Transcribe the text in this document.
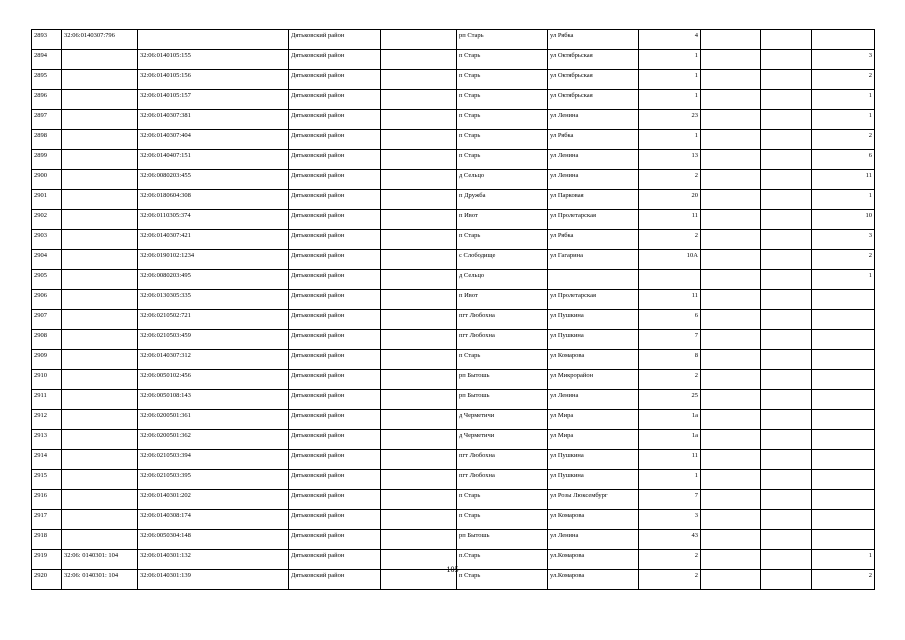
2893	32:06:0140307:796		Дятьковский район		рп Старь	ул Рябка	4			
2894		32:06:0140105:155	Дятьковский район		п Старь	ул Октябрьская	1			3
2895		32:06:0140105:156	Дятьковский район		п Старь	ул Октябрьская	1			2
2896		32:06:0140105:157	Дятьковский район		п Старь	ул Октябрьская	1			1
2897		32:06:0140307:381	Дятьковский район		п Старь	ул Ленина	23			1
2898		32:06:0140307:404	Дятьковский район		п Старь	ул Рябка	1			2
2899		32:06:0140407:151	Дятьковский район		п Старь	ул Ленина	13			6
2900		32:06:0080203:455	Дятьковский район		д Сельцо	ул Ленина	2			11
2901		32:06:0180604:308	Дятьковский район		п Дружба	ул Парковая	20			1
2902		32:06:0110305:374	Дятьковский район		п Ивот	ул Пролетарская	11			10
2903		32:06:0140307:421	Дятьковский район		п Старь	ул Рябка	2			3
2904		32:06:0190102:1234	Дятьковский район		с Слободище	ул Гагарина	10А			2
2905		32:06:0080203:495	Дятьковский район		д Сельцо					1
2906		32:06:0130305:335	Дятьковский район		п Ивот	ул Пролетарская	11			
2907		32:06:0210502:721	Дятьковский район		пгт Любохна	ул Пушкина	6			
2908		32:06:0210503:459	Дятьковский район		пгт Любохна	ул Пушкина	7			
2909		32:06:0140307:312	Дятьковский район		п Старь	ул Комарова	8			
2910		32:06:0050102:456	Дятьковский район		рп Бытошь	ул Микрорайон	2			
2911		32:06:0050108:143	Дятьковский район		рп Бытошь	ул Ленина	25			
2912		32:06:0200501:361	Дятьковский район		д Черметичи	ул Мира	1а			
2913		32:06:0200501:362	Дятьковский район		д Черметичи	ул Мира	1а			
2914		32:06:0210503:394	Дятьковский район		пгт Любохна	ул Пушкина	11			
2915		32:06:0210503:395	Дятьковский район		пгт Любохна	ул Пушкина	1			
2916		32:06:0140301:202	Дятьковский район		п Старь	ул Розы Люксембург	7			
2917		32:06:0140308:174	Дятьковский район		п Старь	ул Комарова	3			
2918		32:06:0050304:148	Дятьковский район		рп Бытошь	ул Ленина	43			
2919	32:06: 0140301: 104	32:06:0140301:132	Дятьковский район		п.Старь	ул.Комарова	2			1
2920	32:06: 0140301: 104	32:06:0140301:139	Дятьковский район		п Старь	ул.Комарова	2			2
105
